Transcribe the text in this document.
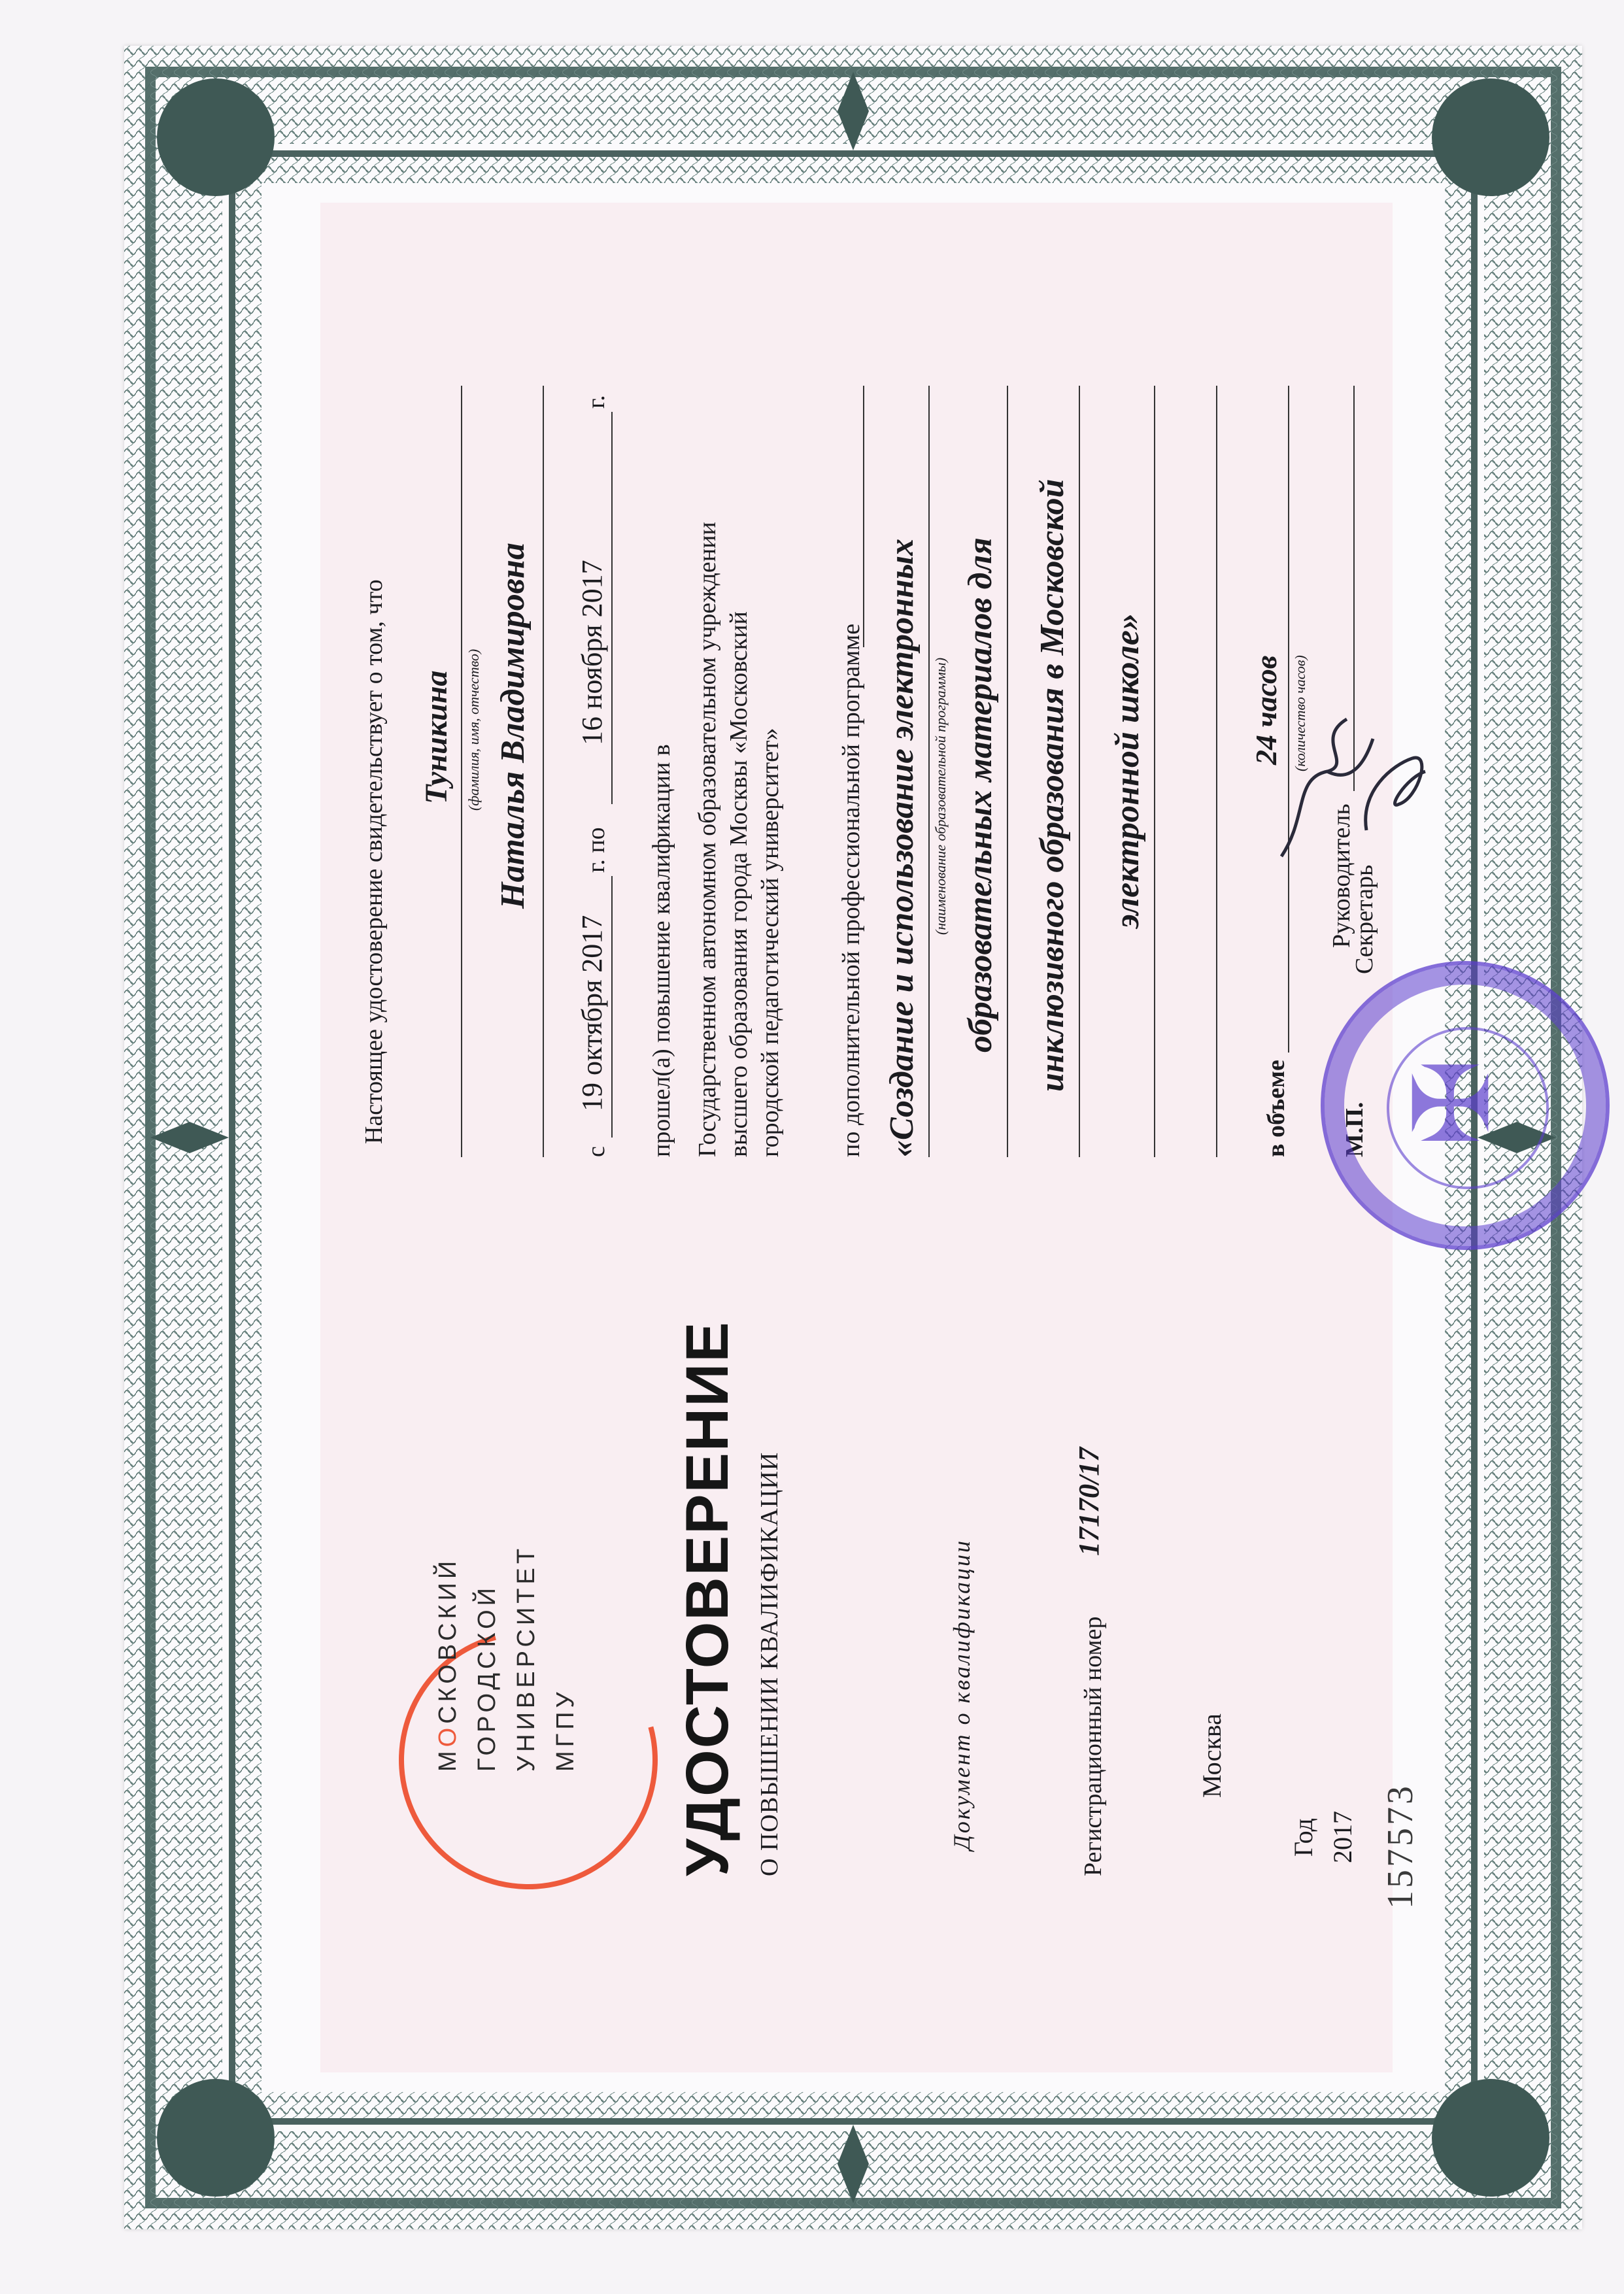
МОСКОВСКИЙ ГОРОДСКОЙ УНИВЕРСИТЕТ МГПУ УДОСТОВЕРЕНИЕ О ПОВЫШЕНИИ КВАЛИФИКАЦИИ	Документ о квалификации	Регистрационный номер
17170/17
Москва
Год 2017
Настоящее удостоверение свидетельствует о том, что Туникина (фамилия, имя, отчество) Наталья Владимировна
с
19 октября 2017
г. по
16 ноября 2017
г.
прошел(а) повышение квалификации в Государственном автономном образовательном учреждении высшего образования города Москвы «Московский городской педагогический университет» по дополнительной профессиональной программе «Создание и использование электронных (наименование образовательной программы) образовательных материалов для инклюзивного образования в Московской электронной школе»
в объеме
24 часов (количество часов)
Руководитель
М.П.
Секретарь
✠
157573
